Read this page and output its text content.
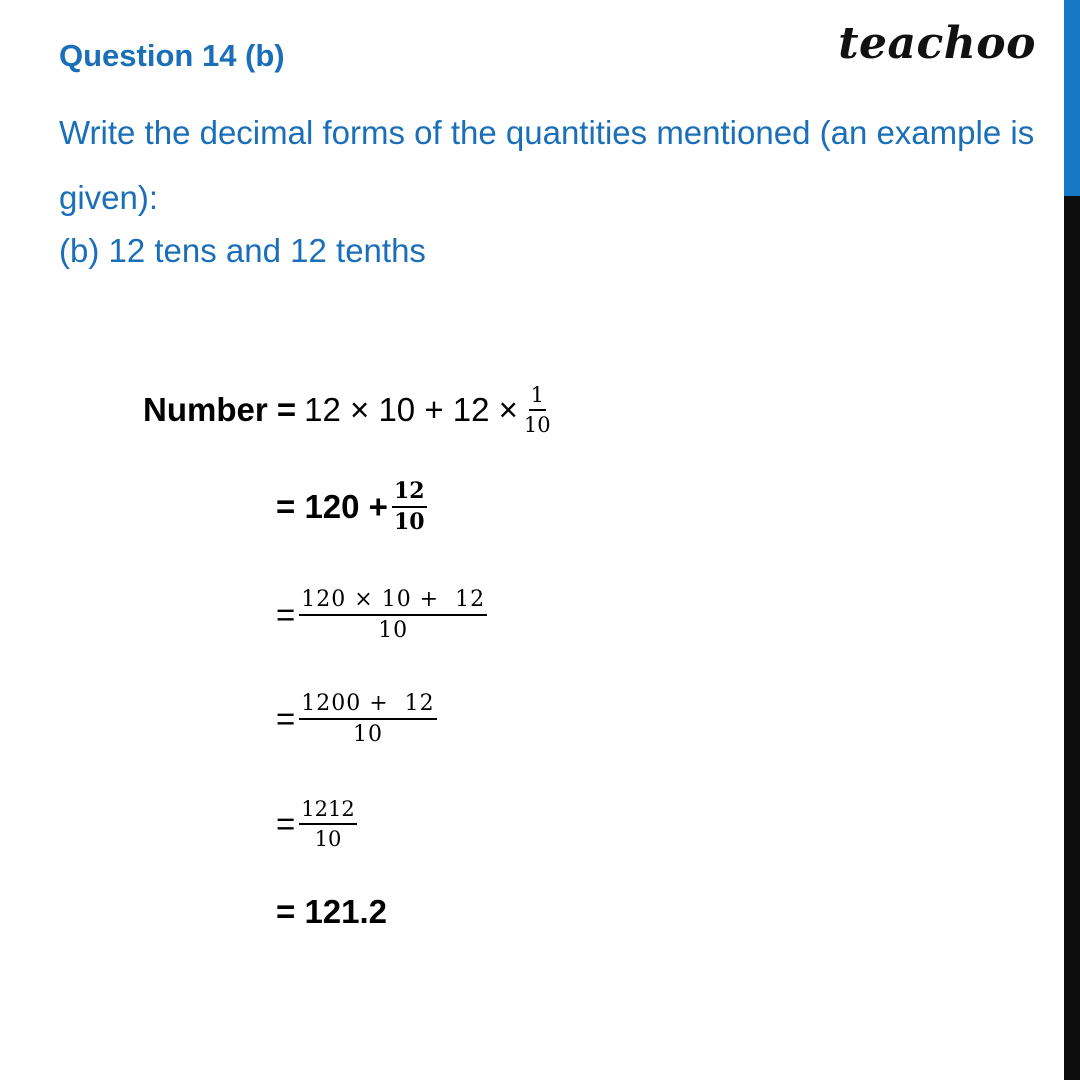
teachoo
Question 14 (b)
Write the decimal forms of the quantities mentioned (an example is given):
(b) 12 tens and 12 tenths
Number = $12 \times 10 + 12 \times \frac{1}{10}$
= $120 + \frac{12}{10}$
= $\frac{120 \times 10 + 12}{10}$
= $\frac{1200 + 12}{10}$
= $\frac{1212}{10}$
= 121.2
